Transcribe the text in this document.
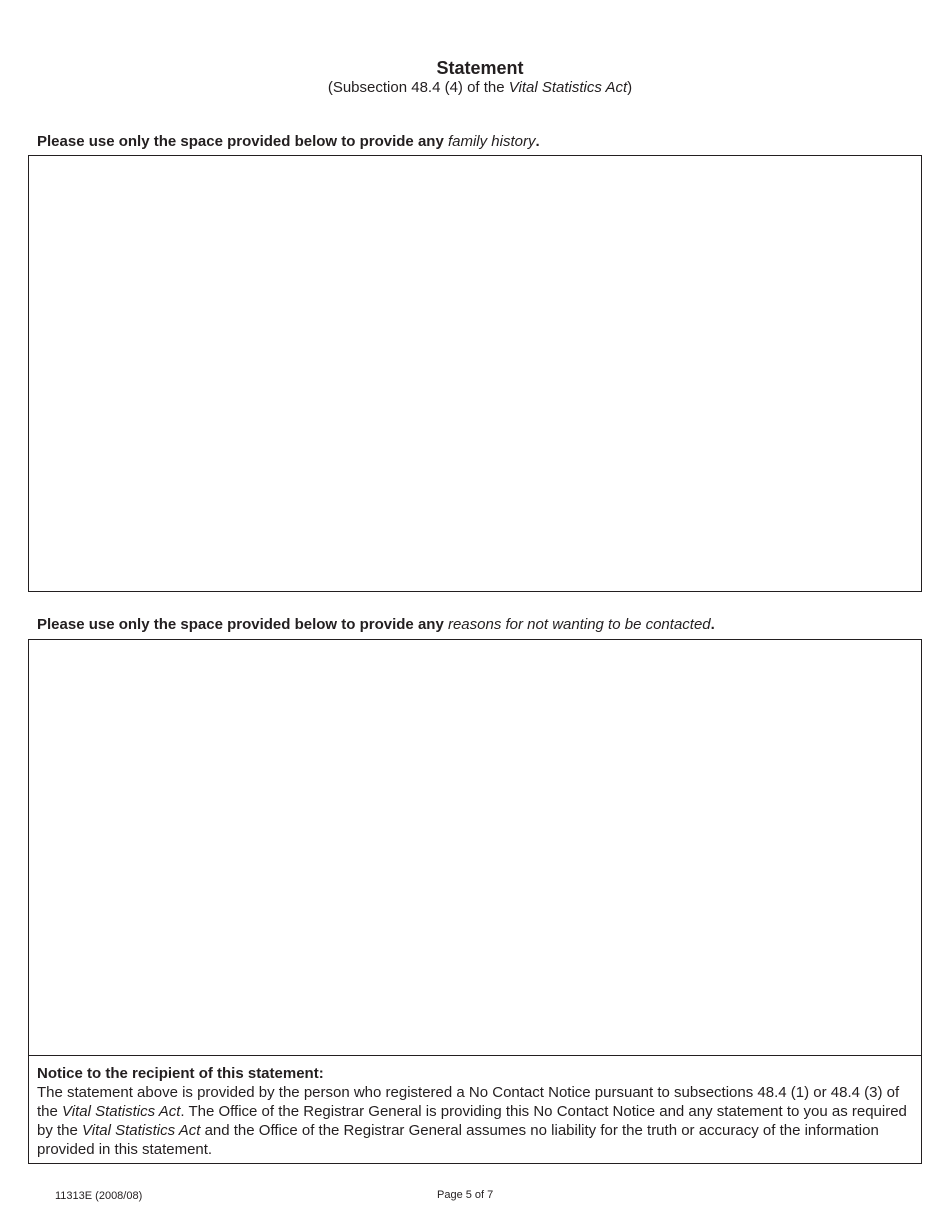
Statement
(Subsection 48.4 (4) of the Vital Statistics Act)
Please use only the space provided below to provide any family history.
Please use only the space provided below to provide any reasons for not wanting to be contacted.
Notice to the recipient of this statement:
The statement above is provided by the person who registered a No Contact Notice pursuant to subsections 48.4 (1) or 48.4 (3) of the Vital Statistics Act. The Office of the Registrar General is providing this No Contact Notice and any statement to you as required by the Vital Statistics Act and the Office of the Registrar General assumes no liability for the truth or accuracy of the information provided in this statement.
11313E (2008/08)	Page 5 of 7
